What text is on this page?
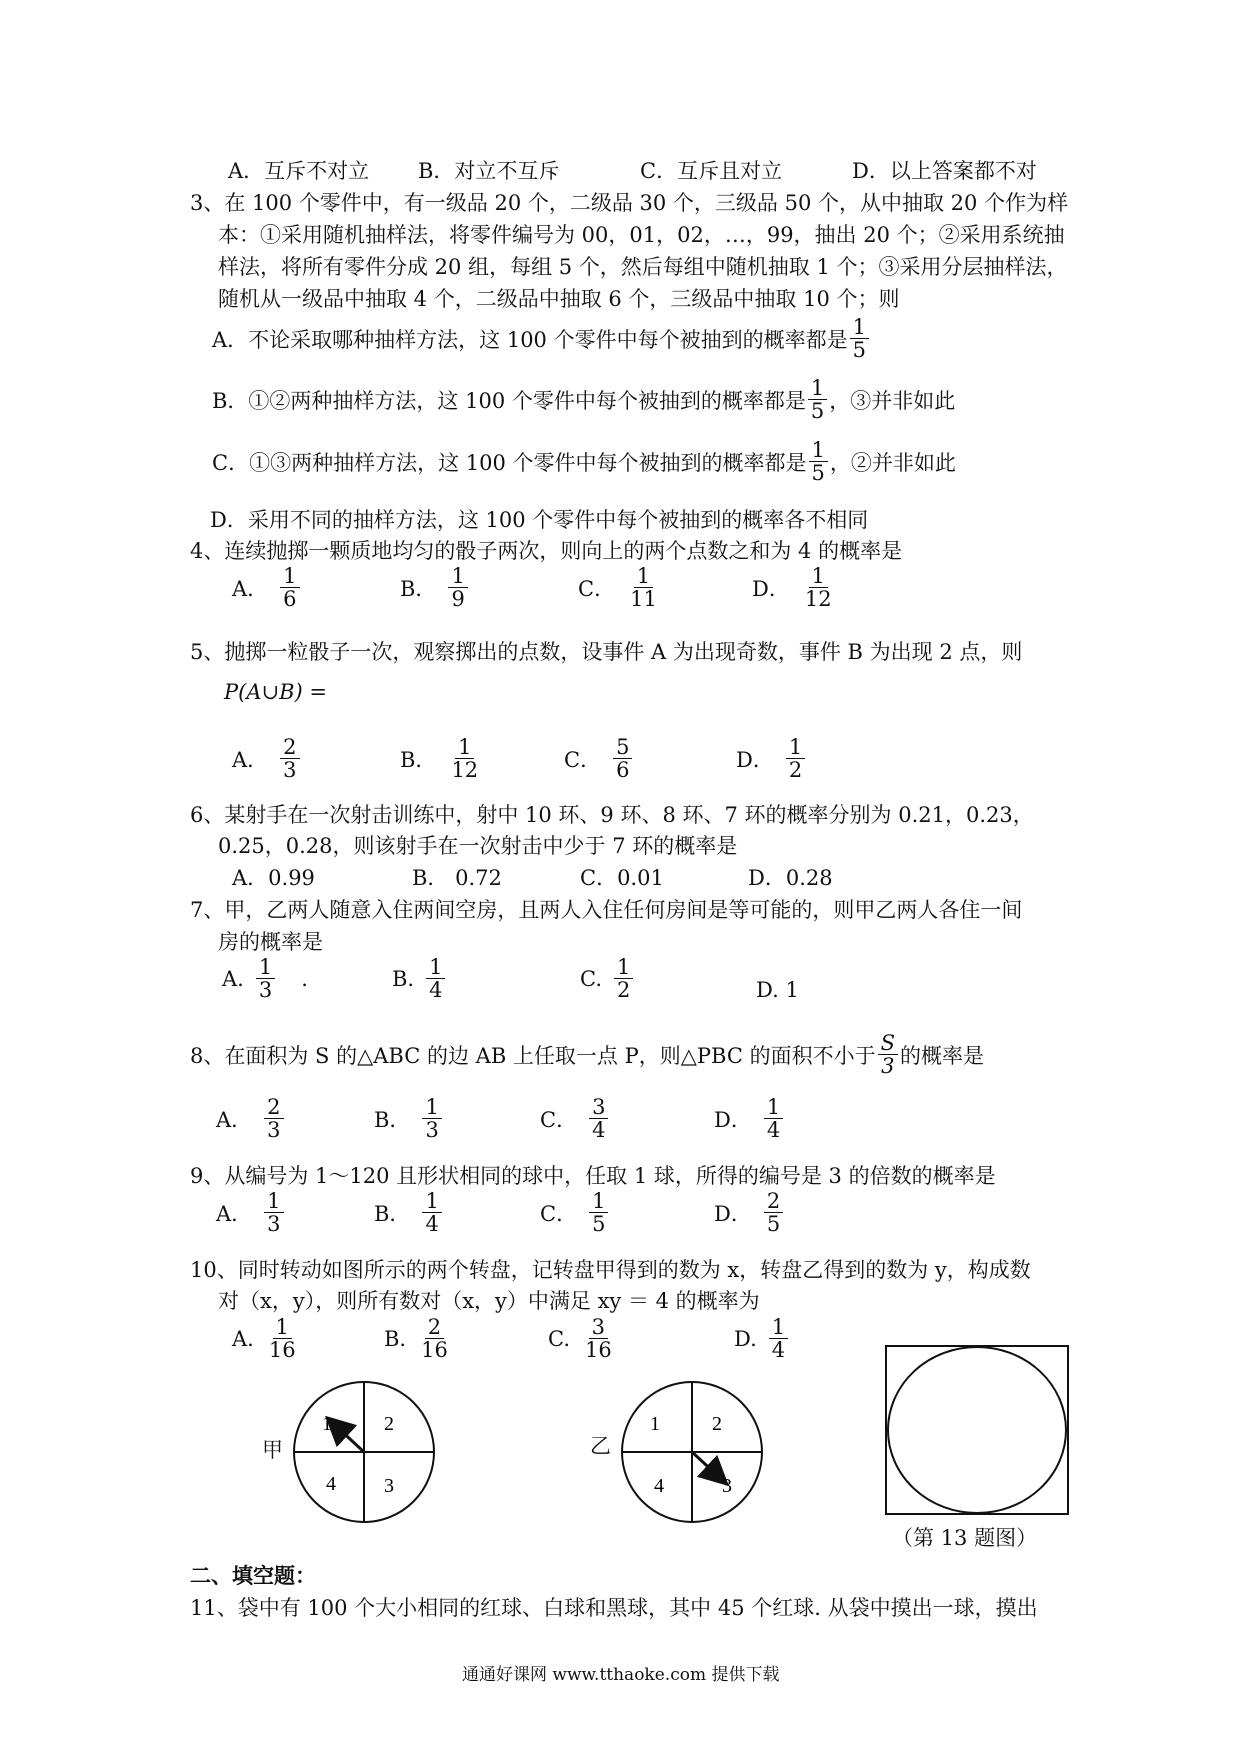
A．互斥不对立 B．对立不互斥	C．互斥且对立	D．以上答案都不对
3、在 100 个零件中，有一级品 20 个，二级品 30 个，三级品 50 个，从中抽取 20 个作为样
本：①采用随机抽样法，将零件编号为 00，01，02，…，99，抽出 20 个；②采用系统抽
样法，将所有零件分成 20 组，每组 5 个，然后每组中随机抽取 1 个；③采用分层抽样法，
随机从一级品中抽取 4 个，二级品中抽取 6 个，三级品中抽取 10 个；则
A．不论采取哪种抽样方法，这 100 个零件中每个被抽到的概率都是 $\frac{1}{5}$
B．①②两种抽样方法，这 100 个零件中每个被抽到的概率都是 $\frac{1}{5}$ ，③并非如此
C．①③两种抽样方法，这 100 个零件中每个被抽到的概率都是 $\frac{1}{5}$ ，②并非如此
D．采用不同的抽样方法，这 100 个零件中每个被抽到的概率各不相同
4、连续抛掷一颗质地均匀的骰子两次，则向上的两个点数之和为 4 的概率是
A． $\frac{1}{6}$	B． $\frac{1}{9}$	C． $\frac{1}{11}$	D． $\frac{1}{12}$
5、抛掷一粒骰子一次，观察掷出的点数，设事件 A 为出现奇数，事件 B 为出现 2 点，则
P(A∪B) =
A． $\frac{2}{3}$	B． $\frac{1}{12}$	C． $\frac{5}{6}$	D． $\frac{1}{2}$
6、某射手在一次射击训练中，射中 10 环、9 环、8 环、7 环的概率分别为 0.21，0.23，
0.25，0.28，则该射手在一次射击中少于 7 环的概率是
A．0.99	B． 0.72	C．0.01	D．0.28
7、甲，乙两人随意入住两间空房，且两人入住任何房间是等可能的，则甲乙两人各住一间
房的概率是
A. $\frac{1}{3}$ .	B. $\frac{1}{4}$	C. $\frac{1}{2}$	D. 1
8、在面积为 S 的△ABC 的边 AB 上任取一点 P，则△PBC 的面积不小于 $\frac{S}{3}$ 的概率是
A． $\frac{2}{3}$	B． $\frac{1}{3}$	C． $\frac{3}{4}$	D． $\frac{1}{4}$
9、从编号为 1～120 且形状相同的球中，任取 1 球，所得的编号是 3 的倍数的概率是
A． $\frac{1}{3}$	B． $\frac{1}{4}$	C． $\frac{1}{5}$	D． $\frac{2}{5}$
10、同时转动如图所示的两个转盘，记转盘甲得到的数为 x，转盘乙得到的数为 y，构成数
对（x，y），则所有数对（x，y）中满足 xy ＝ 4 的概率为
A. $\frac{1}{16}$	B. $\frac{2}{16}$	C. $\frac{3}{16}$	D. $\frac{1}{4}$
甲
1	2
3
4
乙
1	2
3
4
（第 13 题图）
二、填空题：
11、袋中有 100 个大小相同的红球、白球和黑球，其中 45 个红球. 从袋中摸出一球，摸出
通通好课网 www.tthaoke.com 提供下载
